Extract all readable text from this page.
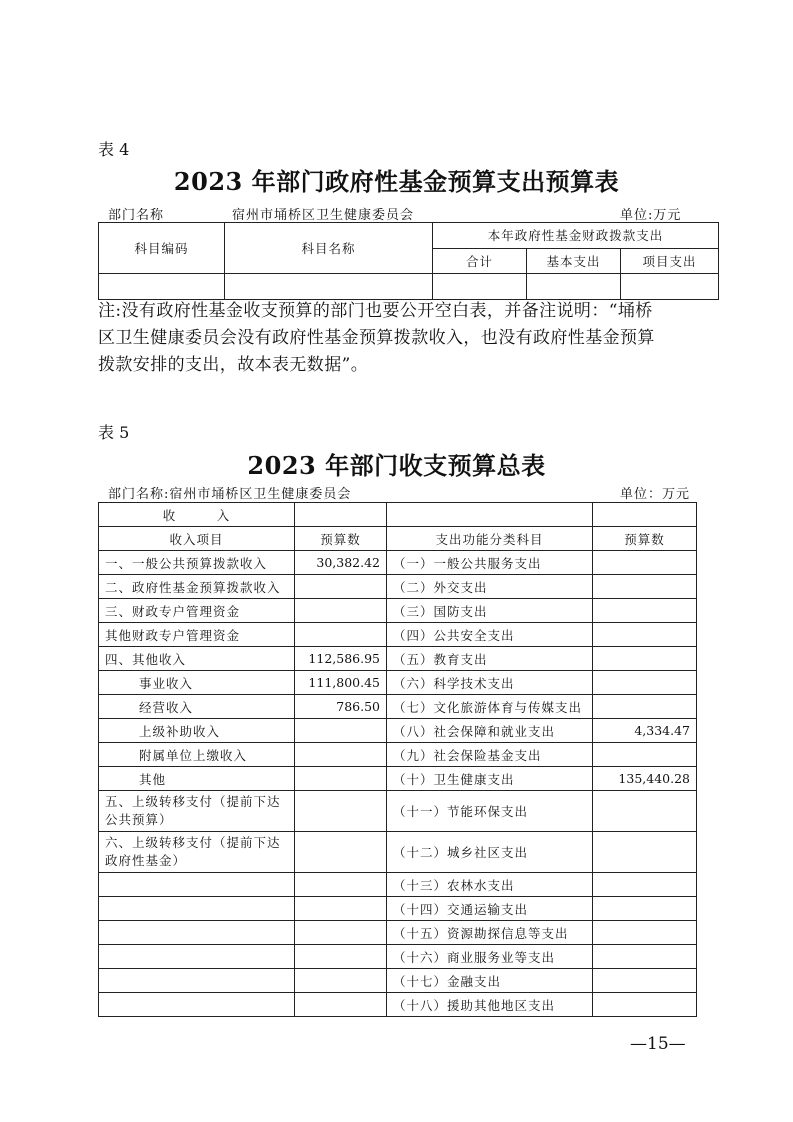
表 4
2023 年部门政府性基金预算支出预算表
部门名称	宿州市埇桥区卫生健康委员会	单位:万元
科目编码	科目名称	本年政府性基金财政拨款支出		
		合计	基本支出	项目支出

注:没有政府性基金收支预算的部门也要公开空白表，并备注说明：“埇桥
区卫生健康委员会没有政府性基金预算拨款收入，也没有政府性基金预算
拨款安排的支出，故本表无数据”。
表 5
2023 年部门收支预算总表
部门名称:宿州市埇桥区卫生健康委员会	单位：万元
收　　　入			
收入项目	预算数	支出功能分类科目	预算数
一、一般公共预算拨款收入	30,382.42	（一）一般公共服务支出	
二、政府性基金预算拨款收入		（二）外交支出	
三、财政专户管理资金		（三）国防支出	
其他财政专户管理资金		（四）公共安全支出	
四、其他收入	112,586.95	（五）教育支出	
事业收入	111,800.45	（六）科学技术支出	
经营收入	786.50	（七）文化旅游体育与传媒支出	
上级补助收入		（八）社会保障和就业支出	4,334.47
附属单位上缴收入		（九）社会保险基金支出	
其他		（十）卫生健康支出	135,440.28
五、上级转移支付（提前下达公共预算）		（十一）节能环保支出	
六、上级转移支付（提前下达政府性基金）		（十二）城乡社区支出	
		（十三）农林水支出	
		（十四）交通运输支出	
		（十五）资源勘探信息等支出	
		（十六）商业服务业等支出	
		（十七）金融支出	
		（十八）援助其他地区支出	
—15—
